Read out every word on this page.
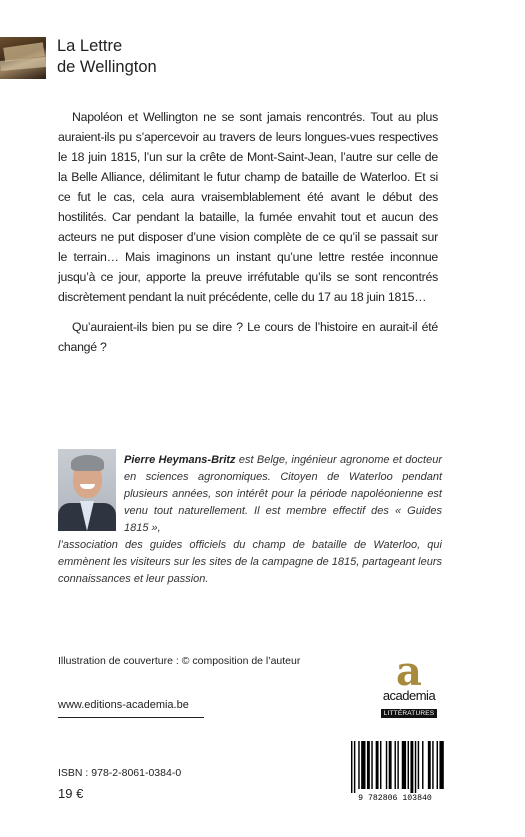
La Lettre
de Wellington

Napoléon et Wellington ne se sont jamais rencontrés. Tout au plus auraient-ils pu s’apercevoir au travers de leurs longues-vues respectives le 18 juin 1815, l’un sur la crête de Mont-Saint-Jean, l’autre sur celle de la Belle Alliance, délimitant le futur champ de bataille de Waterloo. Et si ce fut le cas, cela aura vraisemblablement été avant le début des hostilités. Car pendant la bataille, la fumée envahit tout et aucun des acteurs ne put disposer d’une vision complète de ce qu’il se passait sur le terrain… Mais imaginons un instant qu’une lettre restée inconnue jusqu’à ce jour, apporte la preuve irréfutable qu’ils se sont rencontrés discrètement pendant la nuit précédente, celle du 17 au 18 juin 1815…

Qu’auraient-ils bien pu se dire ? Le cours de l’histoire en aurait-il été changé ?

Pierre Heymans-Britz est Belge, ingénieur agronome et docteur en sciences agronomiques. Citoyen de Waterloo pendant plusieurs années, son intérêt pour la période napoléonienne est venu tout naturellement. Il est membre effectif des « Guides 1815 »,
l’association des guides officiels du champ de bataille de Waterloo, qui emmènent les visiteurs sur les sites de la campagne de 1815, partageant leurs connaissances et leur passion.
Illustration de couverture : © composition de l’auteur	a
academia
LITTÉRATURES
www.editions-academia.be
9 782806 103840
ISBN : 978-2-8061-0384-0
19 €
